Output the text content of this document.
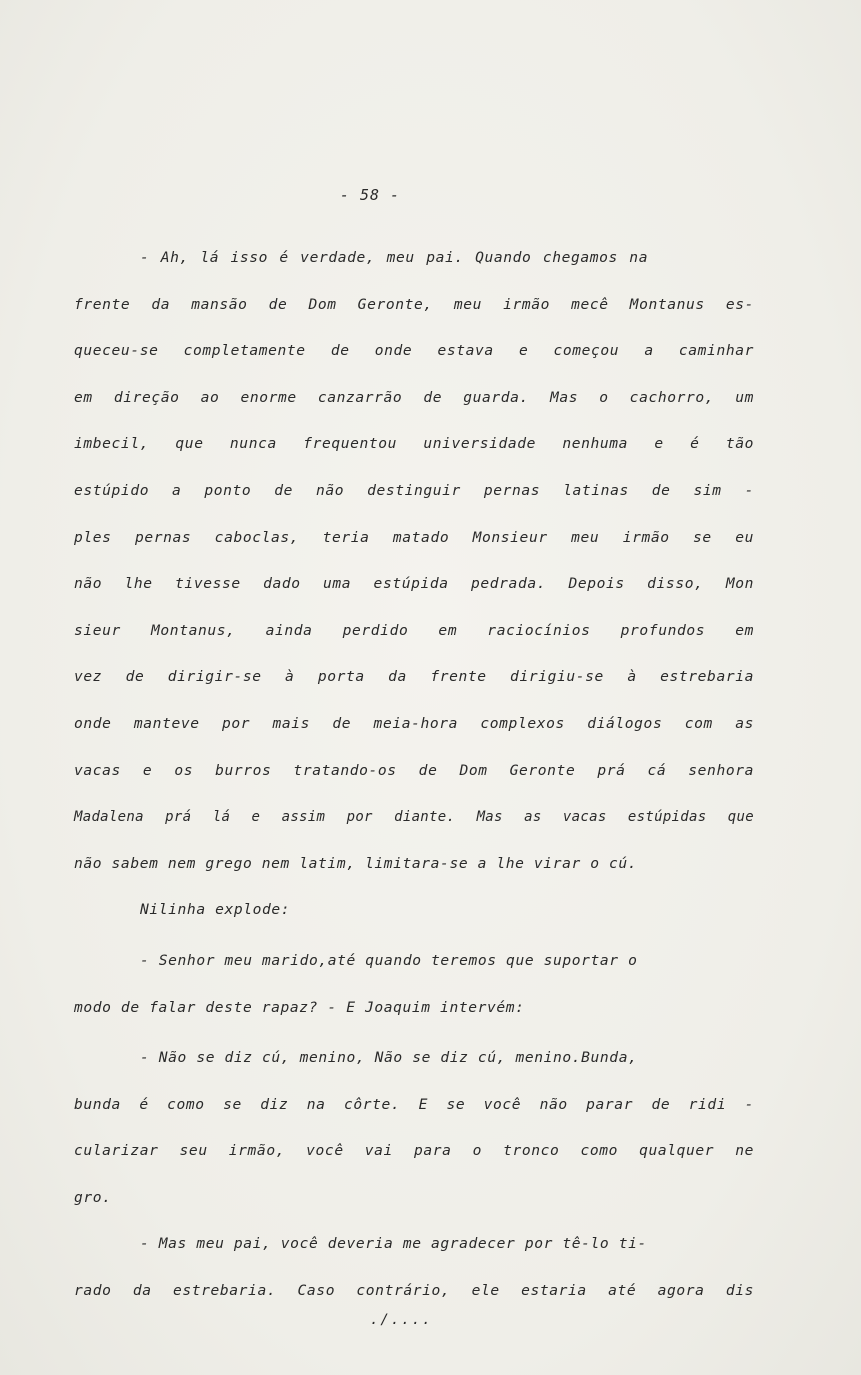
- 58 -
- Ah, lá isso é verdade, meu pai. Quando chegamos na
frente da mansão de Dom Geronte, meu irmão mecê Montanus es-
queceu-se completamente de onde estava e começou a caminhar
em direção ao enorme canzarrão de guarda. Mas o cachorro, um
imbecil, que nunca frequentou universidade nenhuma e é tão
estúpido a ponto de não destinguir pernas latinas de sim -
ples pernas caboclas, teria matado Monsieur meu irmão se eu
não lhe tivesse dado uma estúpida pedrada. Depois disso, Mon
sieur Montanus, ainda perdido em raciocínios profundos em
vez de dirigir-se à porta da frente dirigiu-se à estrebaria
onde manteve por mais de meia-hora complexos diálogos com as
vacas e os burros tratando-os de Dom Geronte prá cá senhora
Madalena prá lá e assim por diante. Mas as vacas estúpidas que
não sabem nem grego nem latim, limitara-se a lhe virar o cú.
Nilinha explode:
- Senhor meu marido,até quando teremos que suportar o
modo de falar deste rapaz? - E Joaquim intervém:
- Não se diz cú, menino, Não se diz cú, menino.Bunda,
bunda é como se diz na côrte. E se você não parar de ridi -
cularizar seu irmão, você vai para o tronco como qualquer ne
gro.
- Mas meu pai, você deveria me agradecer por tê-lo ti-
rado da estrebaria. Caso contrário, ele estaria até agora dis
./....
